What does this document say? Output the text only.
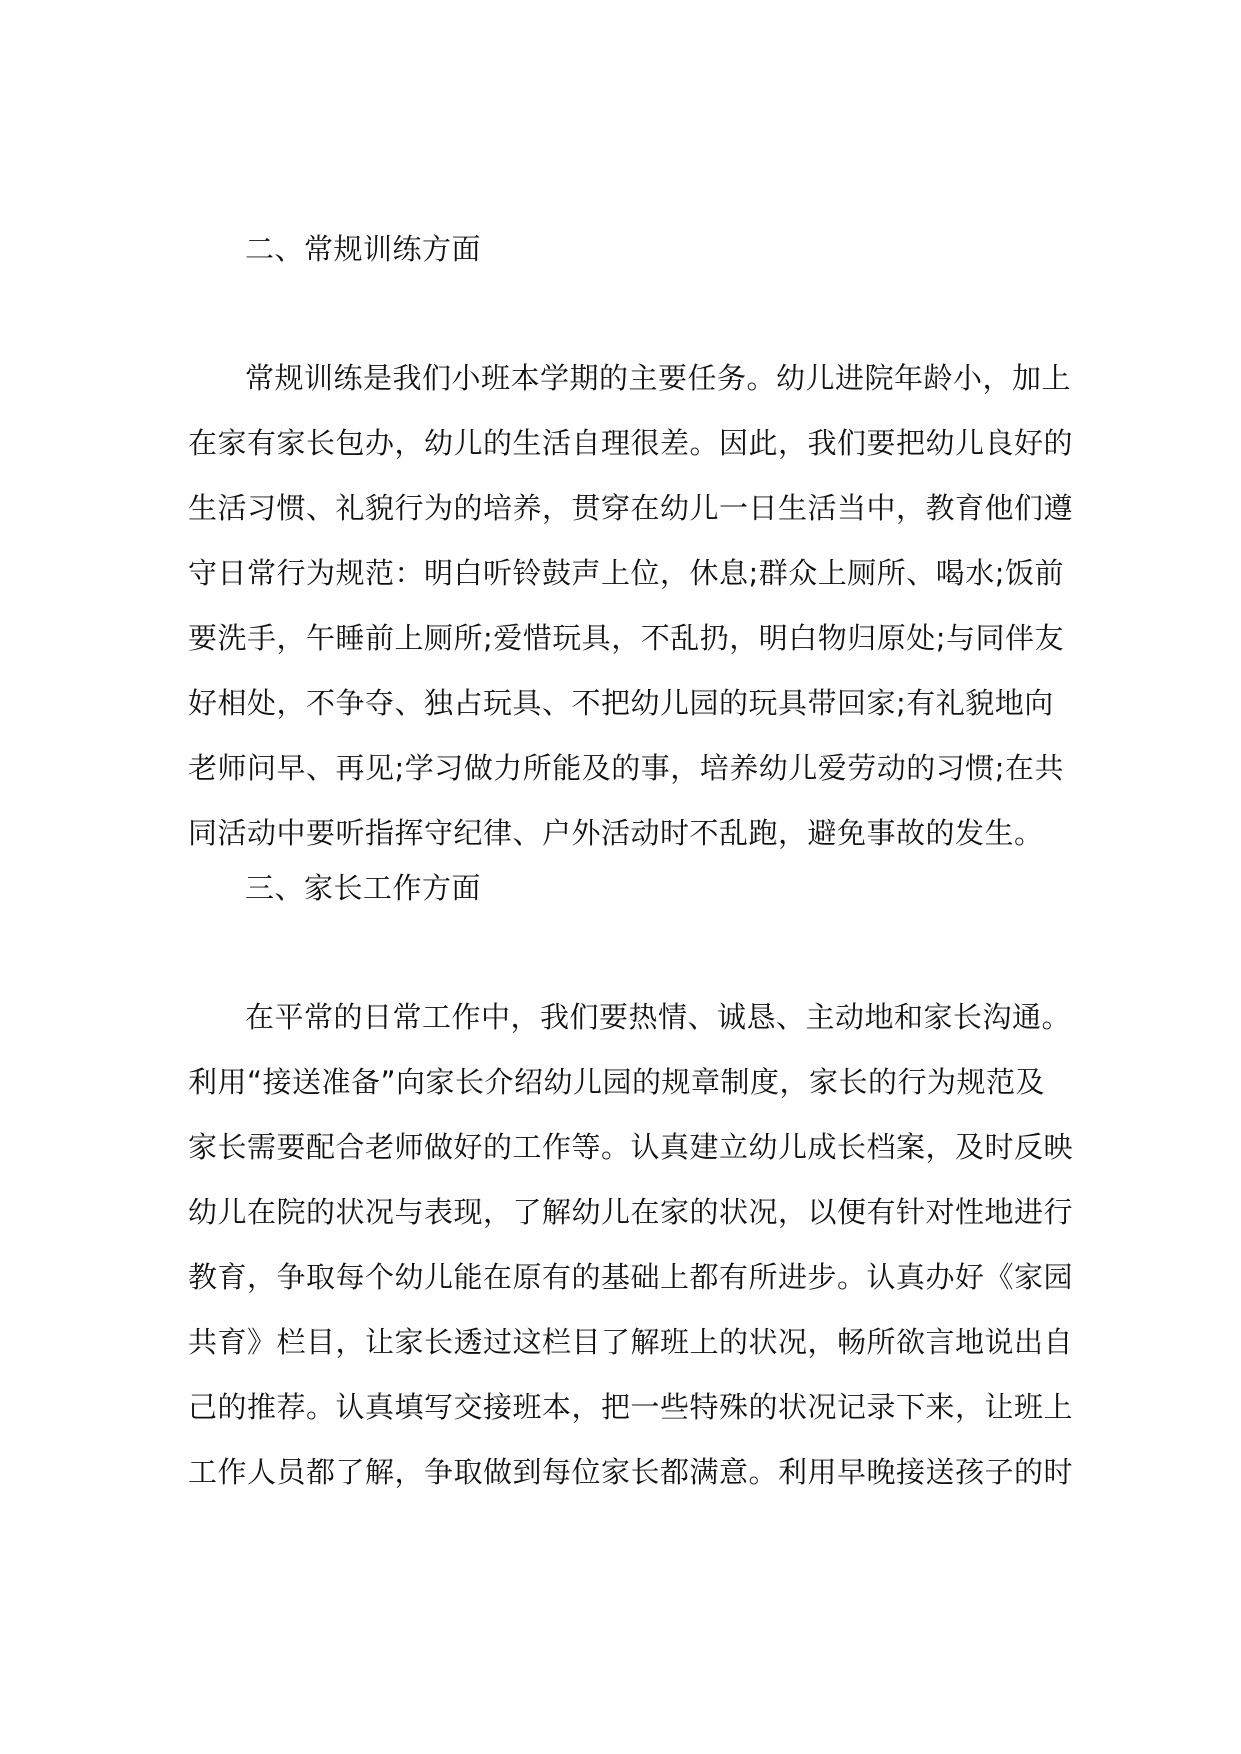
二、常规训练方面
常规训练是我们小班本学期的主要任务。幼儿进院年龄小，加上
在家有家长包办，幼儿的生活自理很差。因此，我们要把幼儿良好的
生活习惯、礼貌行为的培养，贯穿在幼儿一日生活当中，教育他们遵
守日常行为规范：明白听铃鼓声上位，休息;群众上厕所、喝水;饭前
要洗手，午睡前上厕所;爱惜玩具，不乱扔，明白物归原处;与同伴友
好相处，不争夺、独占玩具、不把幼儿园的玩具带回家;有礼貌地向
老师问早、再见;学习做力所能及的事，培养幼儿爱劳动的习惯;在共
同活动中要听指挥守纪律、户外活动时不乱跑，避免事故的发生。
三、家长工作方面
在平常的日常工作中，我们要热情、诚恳、主动地和家长沟通。
利用“接送准备”向家长介绍幼儿园的规章制度，家长的行为规范及
家长需要配合老师做好的工作等。认真建立幼儿成长档案，及时反映
幼儿在院的状况与表现，了解幼儿在家的状况，以便有针对性地进行
教育，争取每个幼儿能在原有的基础上都有所进步。认真办好《家园
共育》栏目，让家长透过这栏目了解班上的状况，畅所欲言地说出自
己的推荐。认真填写交接班本，把一些特殊的状况记录下来，让班上
工作人员都了解，争取做到每位家长都满意。利用早晚接送孩子的时
